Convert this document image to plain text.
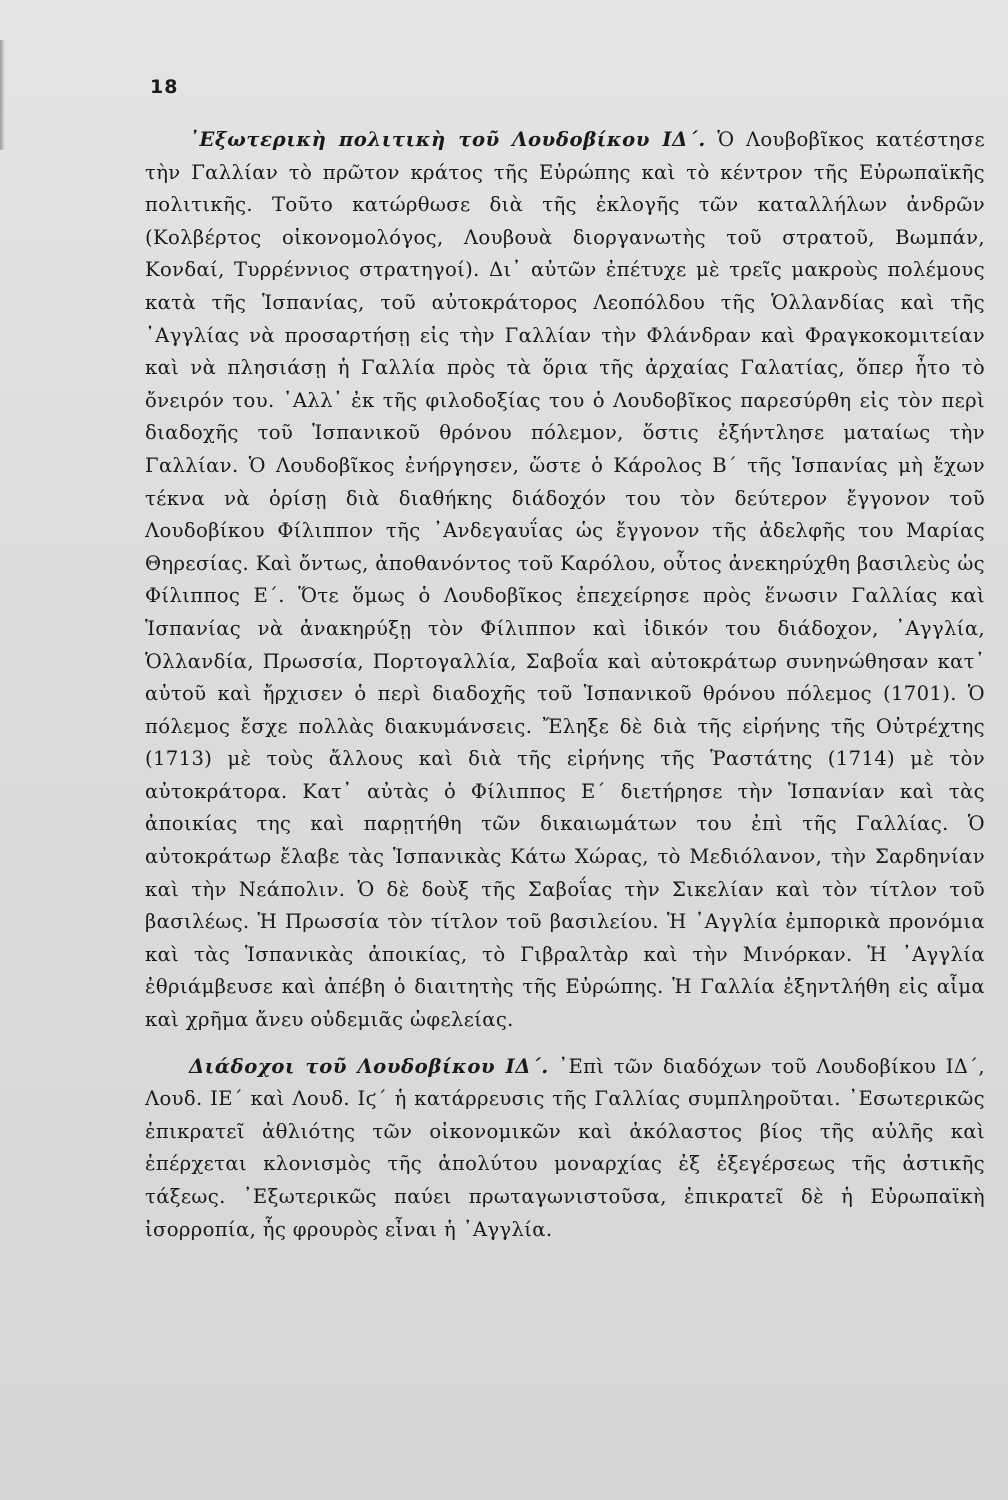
18

᾿Εξωτερικὴ πολιτικὴ τοῦ Λουδοβίκου ΙΔ΄. Ὁ Λουβοβῖκος κατέστησε τὴν Γαλλίαν τὸ πρῶτον κράτος τῆς Εὐρώπης καὶ τὸ κέντρον τῆς Εὐρωπαϊκῆς πολιτικῆς. Τοῦτο κατώρθωσε διὰ τῆς ἐκλογῆς τῶν καταλλήλων ἀνδρῶν (Κολβέρτος οἰκονομολόγος, Λουβουὰ διοργανωτὴς τοῦ στρατοῦ, Βωμπάν, Κονδαί, Τυρρέννιος στρατηγοί). Δι᾿ αὐτῶν ἐπέτυχε μὲ τρεῖς μακροὺς πολέμους κατὰ τῆς Ἱσπανίας, τοῦ αὐτοκράτορος Λεοπόλδου τῆς Ὁλλανδίας καὶ τῆς ᾿Αγγλίας νὰ προσαρτήσῃ εἰς τὴν Γαλλίαν τὴν Φλάνδραν καὶ Φραγκοκομιτείαν καὶ νὰ πλησιάσῃ ἡ Γαλλία πρὸς τὰ ὅρια τῆς ἀρχαίας Γαλατίας, ὅπερ ἦτο τὸ ὄνειρόν του. ᾿Αλλ᾿ ἐκ τῆς φιλοδοξίας του ὁ Λουδοβῖκος παρεσύρθη εἰς τὸν περὶ διαδοχῆς τοῦ Ἱσπανικοῦ θρόνου πόλεμον, ὅστις ἐξήντλησε ματαίως τὴν Γαλλίαν. Ὁ Λουδοβῖκος ἐνήργησεν, ὥστε ὁ Κάρολος Β΄ τῆς Ἱσπανίας μὴ ἔχων τέκνα νὰ ὁρίσῃ διὰ διαθήκης διάδοχόν του τὸν δεύτερον ἔγγονον τοῦ Λουδοβίκου Φίλιππον τῆς ᾿Ανδεγαυΐας ὡς ἔγγονον τῆς ἀδελφῆς του Μαρίας Θηρεσίας. Καὶ ὄντως, ἀποθανόντος τοῦ Καρόλου, οὗτος ἀνεκηρύχθη βασιλεὺς ὡς Φίλιππος Ε΄. Ὅτε ὅμως ὁ Λουδοβῖκος ἐπεχείρησε πρὸς ἕνωσιν Γαλλίας καὶ Ἱσπανίας νὰ ἀνακηρύξῃ τὸν Φίλιππον καὶ ἰδικόν του διάδοχον, ᾿Αγγλία, Ὁλλανδία, Πρωσσία, Πορτογαλλία, Σαβοΐα καὶ αὐτοκράτωρ συνηνώθησαν κατ᾿ αὐτοῦ καὶ ἤρχισεν ὁ περὶ διαδοχῆς τοῦ Ἱσπανικοῦ θρόνου πόλεμος (1701). Ὁ πόλεμος ἔσχε πολλὰς διακυμάνσεις. Ἔληξε δὲ διὰ τῆς εἰρήνης τῆς Οὐτρέχτης (1713) μὲ τοὺς ἄλλους καὶ διὰ τῆς εἰρήνης τῆς Ῥαστάτης (1714) μὲ τὸν αὐτοκράτορα. Κατ᾿ αὐτὰς ὁ Φίλιππος Ε΄ διετήρησε τὴν Ἱσπανίαν καὶ τὰς ἀποικίας της καὶ παρῃτήθη τῶν δικαιωμάτων του ἐπὶ τῆς Γαλλίας. Ὁ αὐτοκράτωρ ἔλαβε τὰς Ἱσπανικὰς Κάτω Χώρας, τὸ Μεδιόλανον, τὴν Σαρδηνίαν καὶ τὴν Νεάπολιν. Ὁ δὲ δοὺξ τῆς Σαβοΐας τὴν Σικελίαν καὶ τὸν τίτλον τοῦ βασιλέως. Ἡ Πρωσσία τὸν τίτλον τοῦ βασιλείου. Ἡ ᾿Αγγλία ἐμπορικὰ προνόμια καὶ τὰς Ἱσπανικὰς ἀποικίας, τὸ Γιβραλτὰρ καὶ τὴν Μινόρκαν. Ἡ ᾿Αγγλία ἐθριάμβευσε καὶ ἀπέβη ὁ διαιτητὴς τῆς Εὐρώπης. Ἡ Γαλλία ἐξηντλήθη εἰς αἷμα καὶ χρῆμα ἄνευ οὐδεμιᾶς ὠφελείας.

Διάδοχοι τοῦ Λουδοβίκου ΙΔ΄. ᾿Επὶ τῶν διαδόχων τοῦ Λουδοβίκου ΙΔ΄, Λουδ. ΙΕ΄ καὶ Λουδ. Ιϛ΄ ἡ κατάρρευσις τῆς Γαλλίας συμπληροῦται. ᾿Εσωτερικῶς ἐπικρατεῖ ἀθλιότης τῶν οἰκονομικῶν καὶ ἀκόλαστος βίος τῆς αὐλῆς καὶ ἐπέρχεται κλονισμὸς τῆς ἀπολύτου μοναρχίας ἐξ ἐξεγέρσεως τῆς ἀστικῆς τάξεως. ᾿Εξωτερικῶς παύει πρωταγωνιστοῦσα, ἐπικρατεῖ δὲ ἡ Εὐρωπαϊκὴ ἰσορροπία, ἧς φρουρὸς εἶναι ἡ ᾿Αγγλία.
